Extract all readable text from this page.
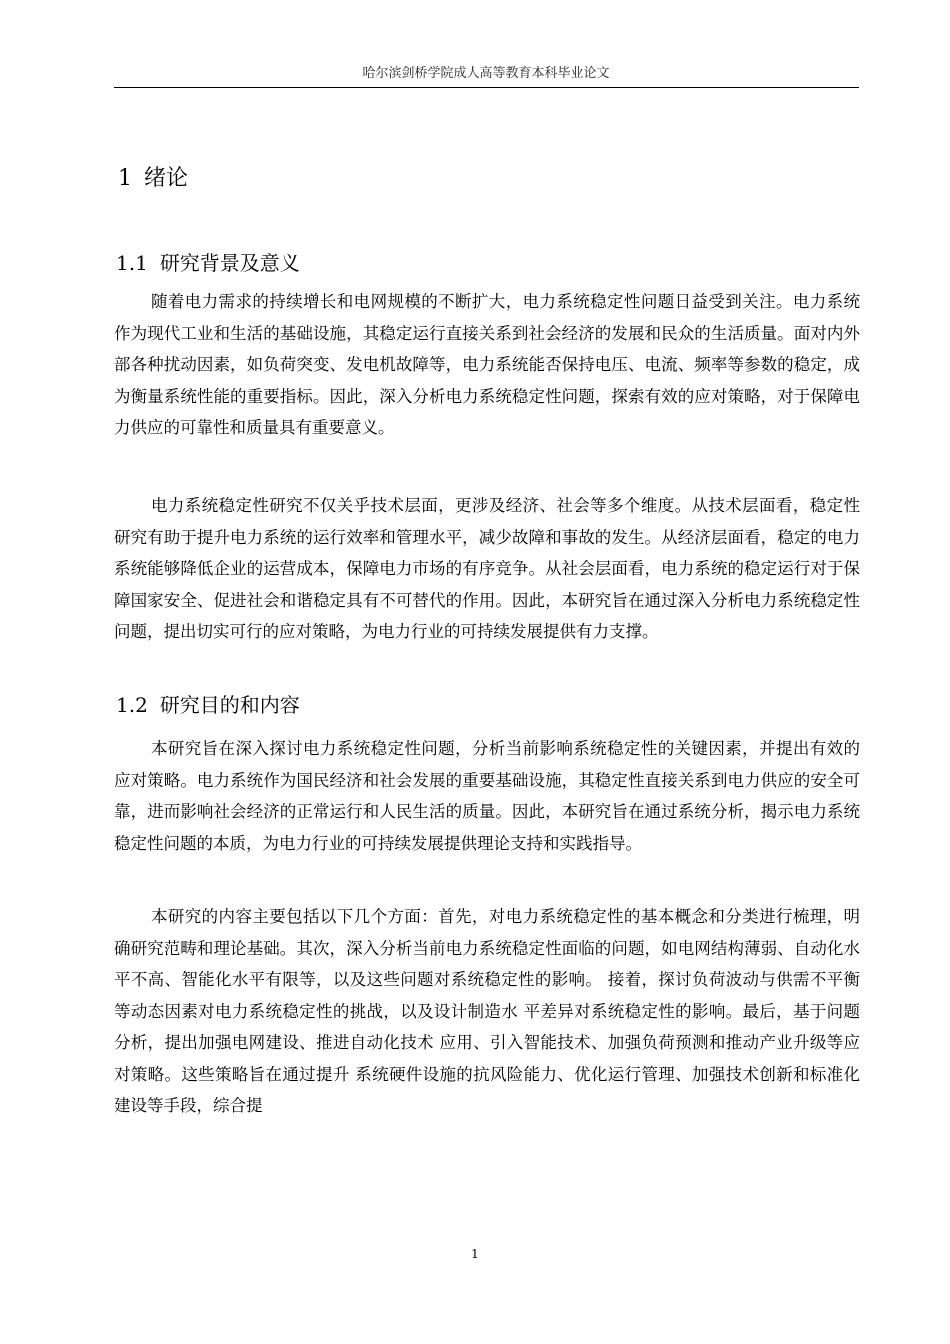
哈尔滨剑桥学院成人高等教育本科毕业论文
1 绪论
1.1 研究背景及意义

随着电力需求的持续增长和电网规模的不断扩大，电力系统稳定性问题日益受到关注。电力系统作为现代工业和生活的基础设施，其稳定运行直接关系到社会经济的发展和民众的生活质量。面对内外部各种扰动因素，如负荷突变、发电机故障等，电力系统能否保持电压、电流、频率等参数的稳定，成为衡量系统性能的重要指标。因此，深入分析电力系统稳定性问题，探索有效的应对策略，对于保障电力供应的可靠性和质量具有重要意义。

电力系统稳定性研究不仅关乎技术层面，更涉及经济、社会等多个维度。从技术层面看，稳定性研究有助于提升电力系统的运行效率和管理水平，减少故障和事故的发生。从经济层面看，稳定的电力系统能够降低企业的运营成本，保障电力市场的有序竞争。从社会层面看，电力系统的稳定运行对于保障国家安全、促进社会和谐稳定具有不可替代的作用。因此，本研究旨在通过深入分析电力系统稳定性问题，提出切实可行的应对策略，为电力行业的可持续发展提供有力支撑。

1.2 研究目的和内容

本研究旨在深入探讨电力系统稳定性问题，分析当前影响系统稳定性的关键因素，并提出有效的应对策略。电力系统作为国民经济和社会发展的重要基础设施，其稳定性直接关系到电力供应的安全可靠，进而影响社会经济的正常运行和人民生活的质量。因此，本研究旨在通过系统分析，揭示电力系统稳定性问题的本质，为电力行业的可持续发展提供理论支持和实践指导。

本研究的内容主要包括以下几个方面：首先，对电力系统稳定性的基本概念和分类进行梳理，明确研究范畴和理论基础。其次，深入分析当前电力系统稳定性面临的问题，如电网结构薄弱、自动化水平不高、智能化水平有限等，以及这些问题对系统稳定性的影响。 接着，探讨负荷波动与供需不平衡等动态因素对电力系统稳定性的挑战，以及设计制造水 平差异对系统稳定性的影响。最后，基于问题分析，提出加强电网建设、推进自动化技术 应用、引入智能技术、加强负荷预测和推动产业升级等应对策略。这些策略旨在通过提升 系统硬件设施的抗风险能力、优化运行管理、加强技术创新和标准化建设等手段，综合提

1
